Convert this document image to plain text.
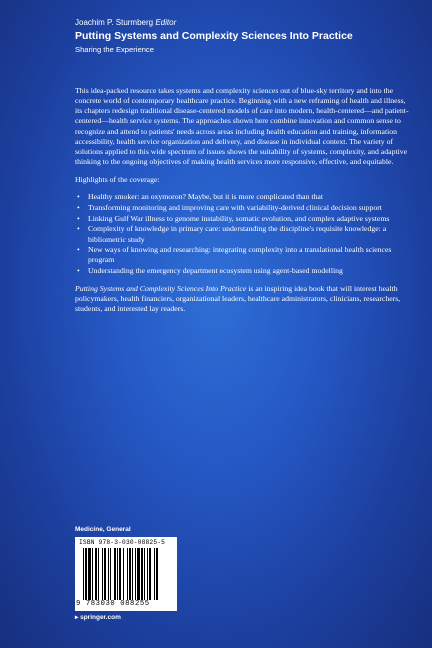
Joachim P. Sturmberg Editor
Putting Systems and Complexity Sciences Into Practice
Sharing the Experience

This idea-packed resource takes systems and complexity sciences out of blue-sky territory and into the concrete world of contemporary healthcare practice. Beginning with a new reframing of health and illness, its chapters redesign traditional disease-centered models of care into modern, health-centered—and patient-centered—health service systems. The approaches shown here combine innovation and common sense to recognize and attend to patients' needs across areas including health education and training, information accessibility, health service organization and delivery, and disease in individual context. The variety of solutions applied to this wide spectrum of issues shows the suitability of systems, complexity, and adaptive thinking to the ongoing objectives of making health services more responsive, effective, and equitable.

Highlights of the coverage:

• Healthy smoker: an oxymoron? Maybe, but it is more complicated than that
• Transforming monitoring and improving care with variability-derived clinical decision support
• Linking Gulf War illness to genome instability, somatic evolution, and complex adaptive systems
• Complexity of knowledge in primary care: understanding the discipline's requisite knowledge: a bibliometric study
• New ways of knowing and researching: integrating complexity into a translational health sciences program
• Understanding the emergency department ecosystem using agent-based modelling

Putting Systems and Complexity Sciences Into Practice is an inspiring idea book that will interest health policymakers, health financiers, organizational leaders, healthcare administrators, clinicians, researchers, students, and interested lay readers.

Medicine, General
ISBN 978-3-030-08825-5
9 783030 088255
▸ springer.com
